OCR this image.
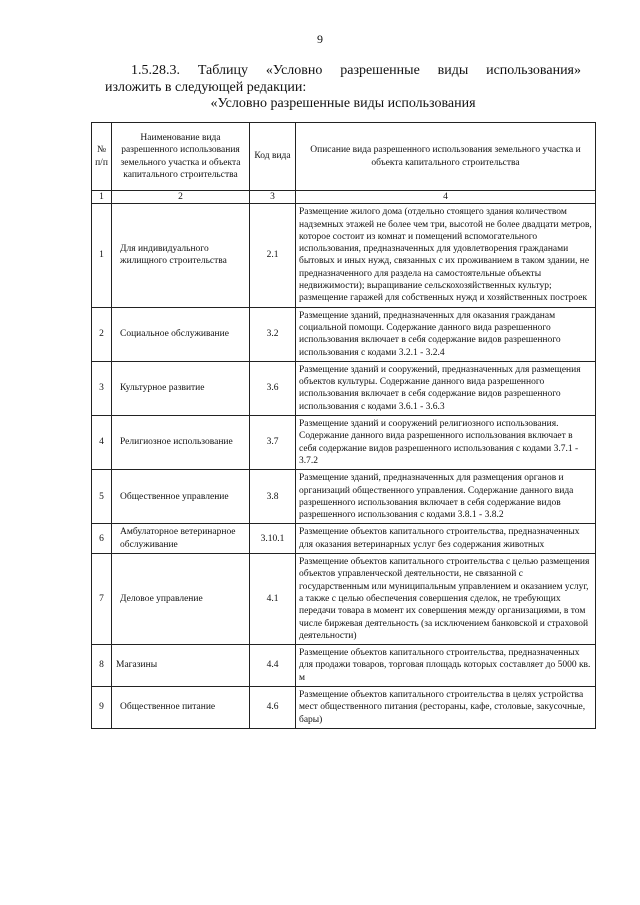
9
1.5.28.3. Таблицу «Условно разрешенные виды использования»
изложить в следующей редакции:
«Условно разрешенные виды использования
№ п/п	Наименование вида разрешенного использования земельного участка и объекта капитального строительства	Код вида	Описание вида разрешенного использования земельного участка и объекта капитального строительства
1	2	3	4
1	Для индивидуального жилищного строительства	2.1	Размещение жилого дома (отдельно стоящего здания количеством надземных этажей не более чем три, высотой не более двадцати метров, которое состоит из комнат и помещений вспомогательного использования, предназначенных для удовлетворения гражданами бытовых и иных нужд, связанных с их проживанием в таком здании, не предназначенного для раздела на самостоятельные объекты недвижимости); выращивание сельскохозяйственных культур; размещение гаражей для собственных нужд и хозяйственных построек
2	Социальное обслуживание	3.2	Размещение зданий, предназначенных для оказания гражданам социальной помощи. Содержание данного вида разрешенного использования включает в себя содержание видов разрешенного использования с кодами 3.2.1 - 3.2.4
3	Культурное развитие	3.6	Размещение зданий и сооружений, предназначенных для размещения объектов культуры. Содержание данного вида разрешенного использования включает в себя содержание видов разрешенного использования с кодами 3.6.1 - 3.6.3
4	Религиозное использование	3.7	Размещение зданий и сооружений религиозного использования. Содержание данного вида разрешенного использования включает в себя содержание видов разрешенного использования с кодами 3.7.1 - 3.7.2
5	Общественное управление	3.8	Размещение зданий, предназначенных для размещения органов и организаций общественного управления. Содержание данного вида разрешенного использования включает в себя содержание видов разрешенного использования с кодами 3.8.1 - 3.8.2
6	Амбулаторное ветеринарное обслуживание	3.10.1	Размещение объектов капитального строительства, предназначенных для оказания ветеринарных услуг без содержания животных
7	Деловое управление	4.1	Размещение объектов капитального строительства с целью размещения объектов управленческой деятельности, не связанной с государственным или муниципальным управлением и оказанием услуг, а также с целью обеспечения совершения сделок, не требующих передачи товара в момент их совершения между организациями, в том числе биржевая деятельность (за исключением банковской и страховой деятельности)
8	Магазины	4.4	Размещение объектов капитального строительства, предназначенных для продажи товаров, торговая площадь которых составляет до 5000 кв. м
9	Общественное питание	4.6	Размещение объектов капитального строительства в целях устройства мест общественного питания (рестораны, кафе, столовые, закусочные, бары)
